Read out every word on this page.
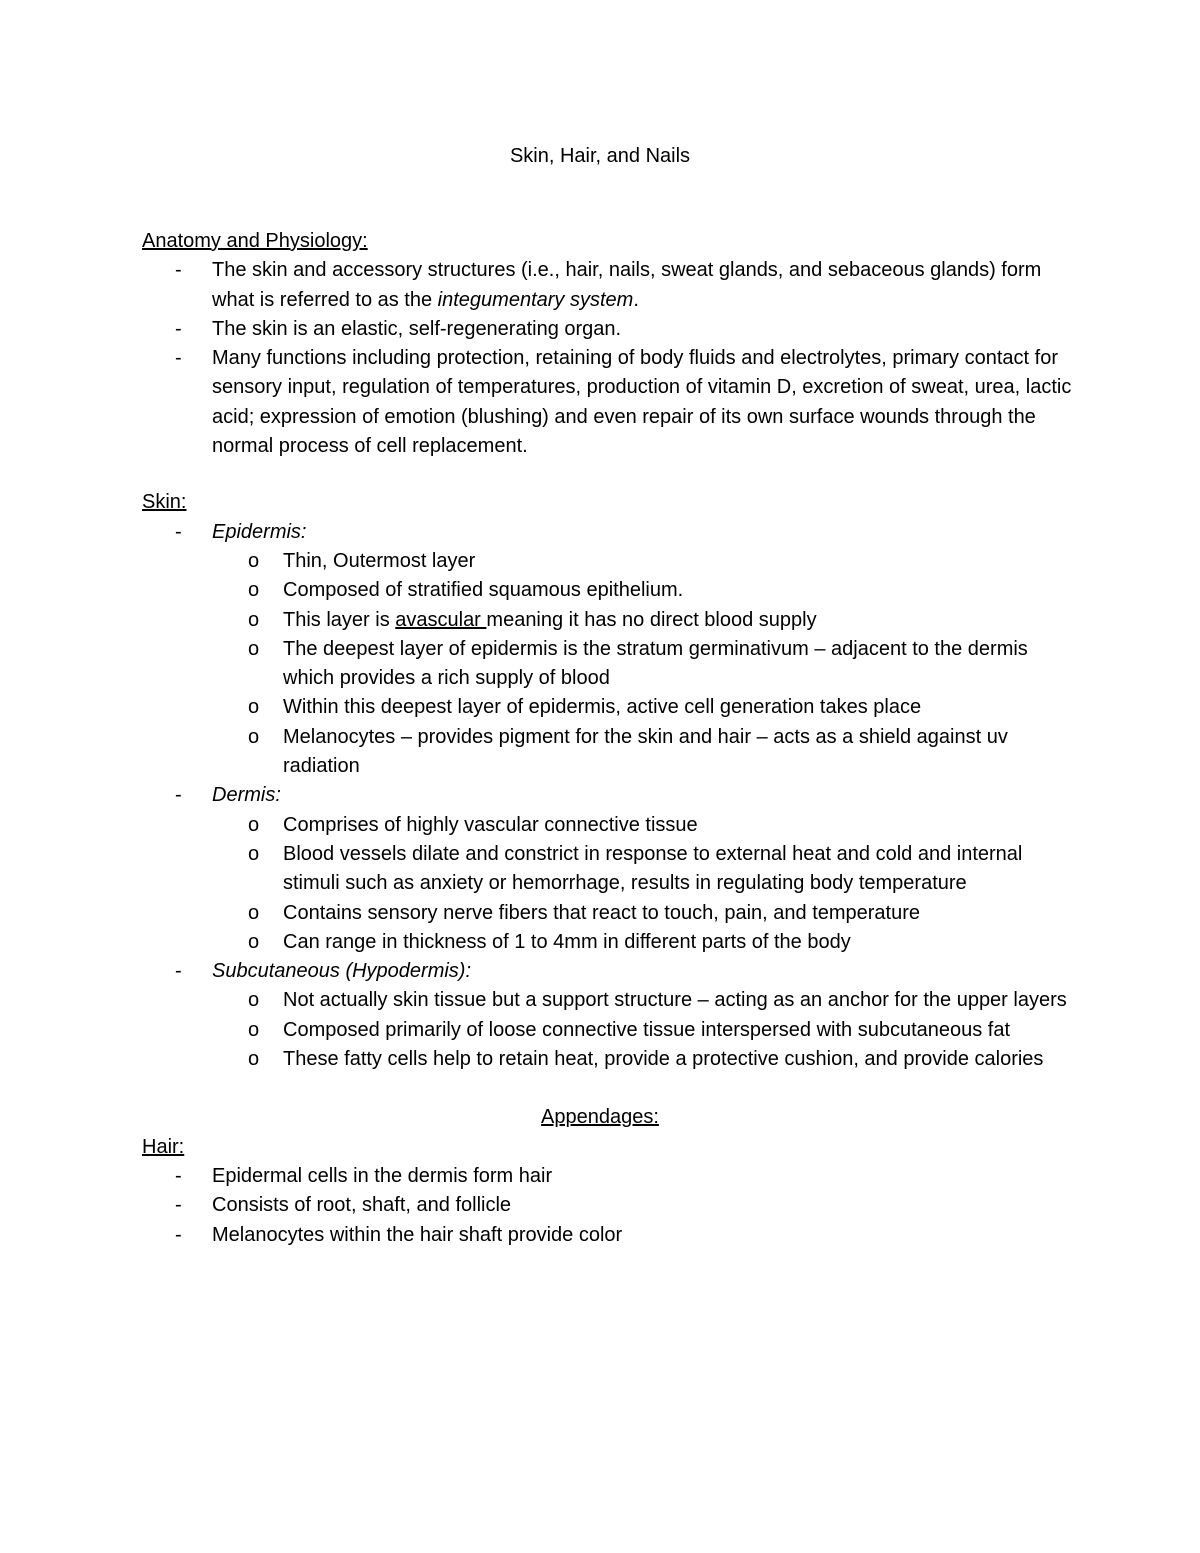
Skin, Hair, and Nails

Anatomy and Physiology:

- The skin and accessory structures (i.e., hair, nails, sweat glands, and sebaceous glands) form what is referred to as the integumentary system.
- The skin is an elastic, self-regenerating organ.
- Many functions including protection, retaining of body fluids and electrolytes, primary contact for sensory input, regulation of temperatures, production of vitamin D, excretion of sweat, urea, lactic acid; expression of emotion (blushing) and even repair of its own surface wounds through the normal process of cell replacement.

Skin:

- Epidermis:
o Thin, Outermost layer
o Composed of stratified squamous epithelium.
o This layer is avascular meaning it has no direct blood supply
o The deepest layer of epidermis is the stratum germinativum – adjacent to the dermis which provides a rich supply of blood
o Within this deepest layer of epidermis, active cell generation takes place
o Melanocytes – provides pigment for the skin and hair – acts as a shield against uv radiation
- Dermis:
o Comprises of highly vascular connective tissue
o Blood vessels dilate and constrict in response to external heat and cold and internal stimuli such as anxiety or hemorrhage, results in regulating body temperature
o Contains sensory nerve fibers that react to touch, pain, and temperature
o Can range in thickness of 1 to 4mm in different parts of the body
- Subcutaneous (Hypodermis):
o Not actually skin tissue but a support structure – acting as an anchor for the upper layers
o Composed primarily of loose connective tissue interspersed with subcutaneous fat
o These fatty cells help to retain heat, provide a protective cushion, and provide calories

Appendages:

Hair:

- Epidermal cells in the dermis form hair
- Consists of root, shaft, and follicle
- Melanocytes within the hair shaft provide color
